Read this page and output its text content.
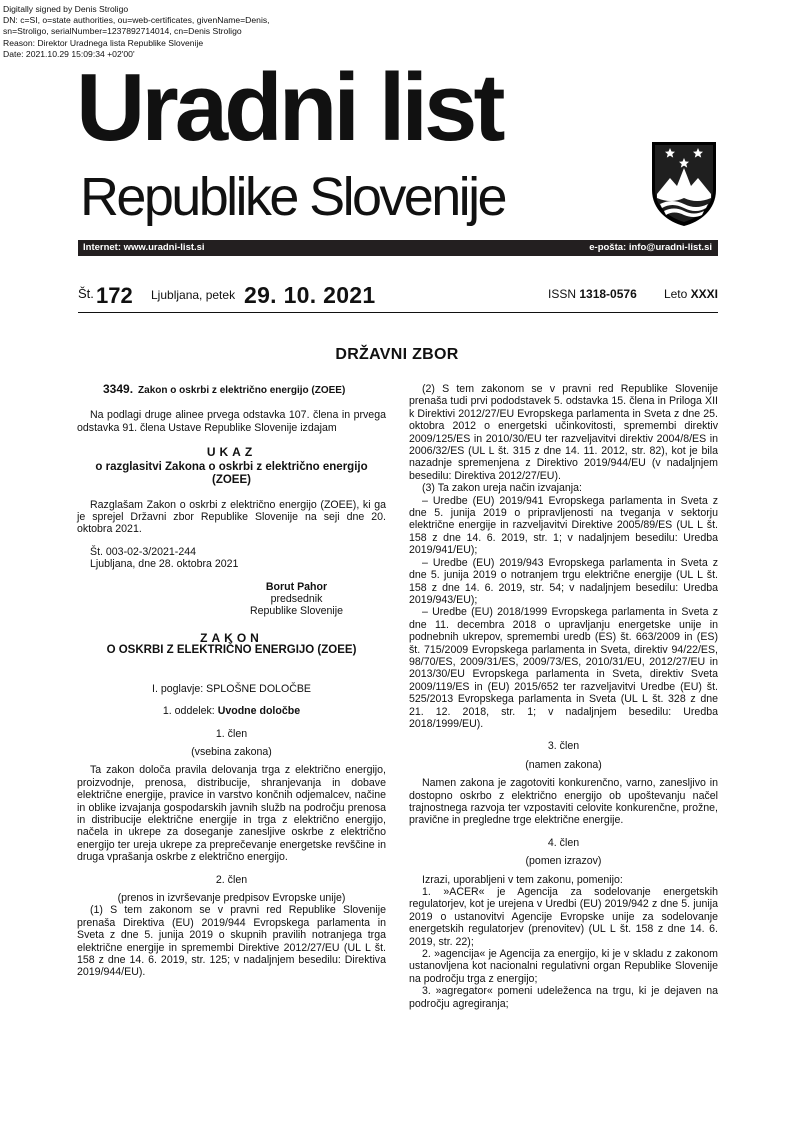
Digitally signed by Denis Stroligo
DN: c=SI, o=state authorities, ou=web-certificates, givenName=Denis,
sn=Stroligo, serialNumber=1237892714014, cn=Denis Stroligo
Reason: Direktor Uradnega lista Republike Slovenije
Date: 2021.10.29 15:09:34 +02'00'
Uradni list
Republike Slovenije
Internet: www.uradni-list.si	e-pošta: info@uradni-list.si
Št. 172 Ljubljana, petek 29. 10. 2021	ISSN 1318-0576 Leto XXXI
DRŽAVNI ZBOR

3349. Zakon o oskrbi z električno energijo (ZOEE)

Na podlagi druge alinee prvega odstavka 107. člena in prvega odstavka 91. člena Ustave Republike Slovenije izdajam

UKAZ

o razglasitvi Zakona o oskrbi z električno energijo (ZOEE)

Razglašam Zakon o oskrbi z električno energijo (ZOEE), ki ga je sprejel Državni zbor Republike Slovenije na seji dne 20. oktobra 2021.

Št. 003-02-3/2021-244

Ljubljana, dne 28. oktobra 2021

Borut Pahor

predsednik

Republike Slovenije

ZAKON

O OSKRBI Z ELEKTRIČNO ENERGIJO (ZOEE)

I. poglavje: SPLOŠNE DOLOČBE

1. oddelek: Uvodne določbe

1. člen

(vsebina zakona)

Ta zakon določa pravila delovanja trga z električno energijo, proizvodnje, prenosa, distribucije, shranjevanja in dobave električne energije, pravice in varstvo končnih odjemalcev, načine in oblike izvajanja gospodarskih javnih služb na področju prenosa in distribucije električne energije in trga z električno energijo, načela in ukrepe za doseganje zanesljive oskrbe z električno energijo ter ureja ukrepe za preprečevanje energetske revščine in druga vprašanja oskrbe z električno energijo.

2. člen

(prenos in izvrševanje predpisov Evropske unije)

(1) S tem zakonom se v pravni red Republike Slovenije prenaša Direktiva (EU) 2019/944 Evropskega parlamenta in Sveta z dne 5. junija 2019 o skupnih pravilih notranjega trga električne energije in spremembi Direktive 2012/27/EU (UL L št. 158 z dne 14. 6. 2019, str. 125; v nadaljnjem besedilu: Direktiva 2019/944/EU).

(2) S tem zakonom se v pravni red Republike Slovenije prenaša tudi prvi pododstavek 5. odstavka 15. člena in Priloga XII k Direktivi 2012/27/EU Evropskega parlamenta in Sveta z dne 25. oktobra 2012 o energetski učinkovitosti, spremembi direktiv 2009/125/ES in 2010/30/EU ter razveljavitvi direktiv 2004/8/ES in 2006/32/ES (UL L št. 315 z dne 14. 11. 2012, str. 82), kot je bila nazadnje spremenjena z Direktivo 2019/944/EU (v nadaljnjem besedilu: Direktiva 2012/27/EU).

(3) Ta zakon ureja način izvajanja:

– Uredbe (EU) 2019/941 Evropskega parlamenta in Sveta z dne 5. junija 2019 o pripravljenosti na tveganja v sektorju električne energije in razveljavitvi Direktive 2005/89/ES (UL L št. 158 z dne 14. 6. 2019, str. 1; v nadaljnjem besedilu: Uredba 2019/941/EU);

– Uredbe (EU) 2019/943 Evropskega parlamenta in Sveta z dne 5. junija 2019 o notranjem trgu električne energije (UL L št. 158 z dne 14. 6. 2019, str. 54; v nadaljnjem besedilu: Uredba 2019/943/EU);

– Uredbe (EU) 2018/1999 Evropskega parlamenta in Sveta z dne 11. decembra 2018 o upravljanju energetske unije in podnebnih ukrepov, spremembi uredb (ES) št. 663/2009 in (ES) št. 715/2009 Evropskega parlamenta in Sveta, direktiv 94/22/ES, 98/70/ES, 2009/31/ES, 2009/73/ES, 2010/31/EU, 2012/27/EU in 2013/30/EU Evropskega parlamenta in Sveta, direktiv Sveta 2009/119/ES in (EU) 2015/652 ter razveljavitvi Uredbe (EU) št. 525/2013 Evropskega parlamenta in Sveta (UL L št. 328 z dne 21. 12. 2018, str. 1; v nadaljnjem besedilu: Uredba 2018/1999/EU).

3. člen

(namen zakona)

Namen zakona je zagotoviti konkurenčno, varno, zanesljivo in dostopno oskrbo z električno energijo ob upoštevanju načel trajnostnega razvoja ter vzpostaviti celovite konkurenčne, prožne, pravične in pregledne trge električne energije.

4. člen

(pomen izrazov)

Izrazi, uporabljeni v tem zakonu, pomenijo:

1. »ACER« je Agencija za sodelovanje energetskih regulatorjev, kot je urejena v Uredbi (EU) 2019/942 z dne 5. junija 2019 o ustanovitvi Agencije Evropske unije za sodelovanje energetskih regulatorjev (prenovitev) (UL L št. 158 z dne 14. 6. 2019, str. 22);

2. »agencija« je Agencija za energijo, ki je v skladu z zakonom ustanovljena kot nacionalni regulativni organ Republike Slovenije na področju trga z energijo;

3. »agregator« pomeni udeleženca na trgu, ki je dejaven na področju agregiranja;
